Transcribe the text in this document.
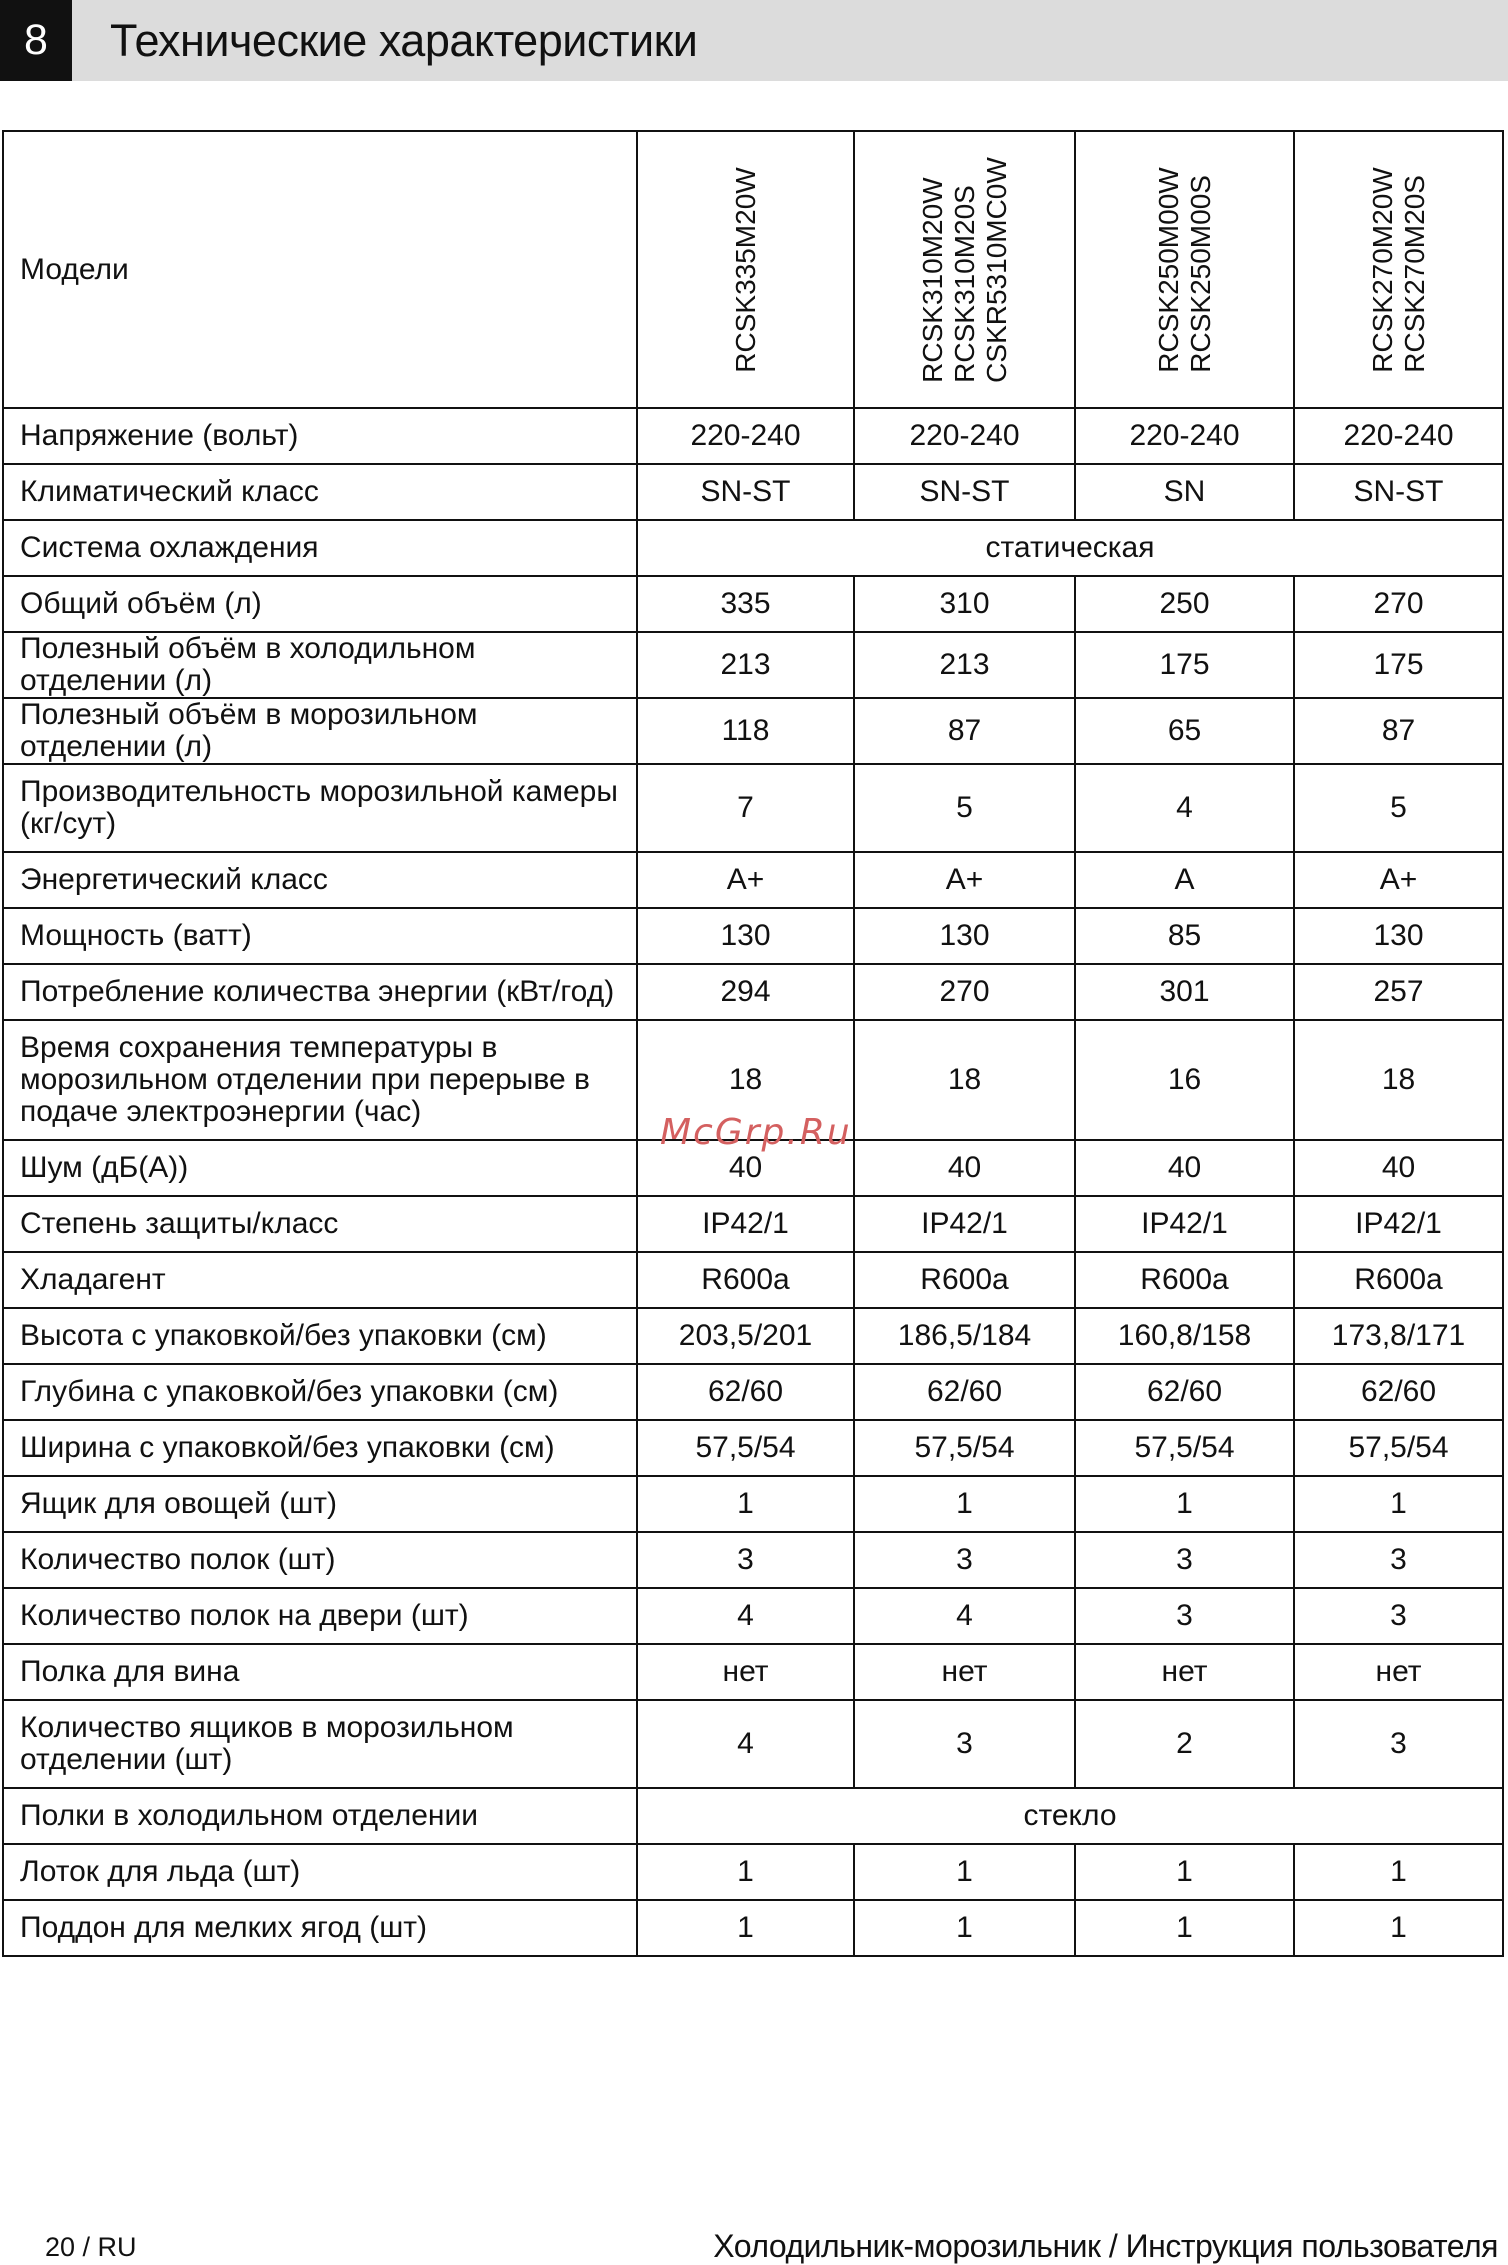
8	Технические характеристики
Модели	RCSK335M20W	RCSK310M20W RCSK310M20S CSKR5310MC0W	RCSK250M00W RCSK250M00S	RCSK270M20W RCSK270M20S

Напряжение (вольт)	220-240	220-240	220-240	220-240
Климатический класс	SN-ST	SN-ST	SN	SN-ST
Система охлаждения	статическая			
Общий объём (л)	335	310	250	270
Полезный объём в холодильном отделении (л)	213	213	175	175
Полезный объём в морозильном отделении (л)	118	87	65	87
Производительность морозильной камеры (кг/сут)	7	5	4	5
Энергетический класс	A+	A+	A	A+
Мощность (ватт)	130	130	85	130
Потребление количества энергии (кВт/год)	294	270	301	257
Время сохранения температуры в морозильном отделении при перерыве в подаче электроэнергии (час)	18	18	16	18
Шум (дБ(A))	40	40	40	40
Степень защиты/класс	IP42/1	IP42/1	IP42/1	IP42/1
Хладагент	R600a	R600a	R600a	R600a
Высота с упаковкой/без упаковки (см)	203,5/201	186,5/184	160,8/158	173,8/171
Глубина с упаковкой/без упаковки (см)	62/60	62/60	62/60	62/60
Ширина с упаковкой/без упаковки (см)	57,5/54	57,5/54	57,5/54	57,5/54
Ящик для овощей (шт)	1	1	1	1
Количество полок (шт)	3	3	3	3
Количество полок на двери (шт)	4	4	3	3
Полка для вина	нет	нет	нет	нет
Количество ящиков в морозильном отделении (шт)	4	3	2	3
Полки в холодильном отделении	стекло			
Лоток для льда (шт)	1	1	1	1
Поддон для мелких ягод (шт)	1	1	1	1
McGrp.Ru
20 / RU	Холодильник-морозильник / Инструкция пользователя
